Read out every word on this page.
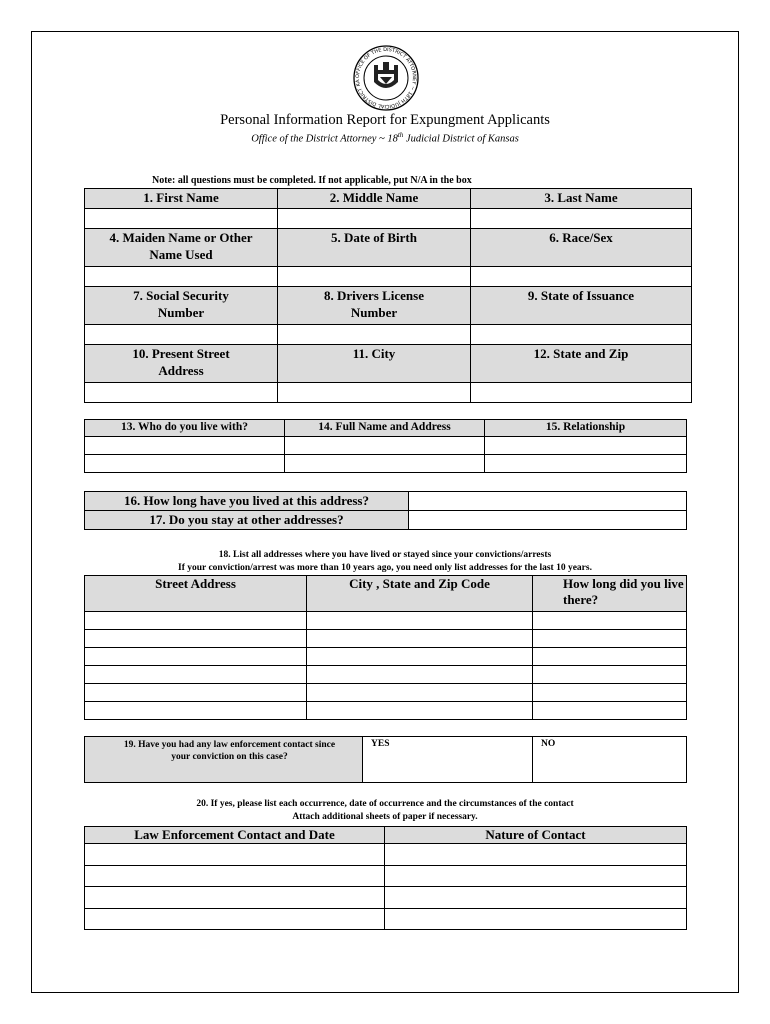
OFFICE OF THE DISTRICT ATTORNEY ~ 18TH JUDICIAL DISTRICT KA
Personal Information Report for Expungment Applicants
Office of the District Attorney ~ 18th Judicial District of Kansas
Note: all questions must be completed. If not applicable, put N/A in the box
1. First Name	2. Middle Name	3. Last Name

4. Maiden Name or Other Name Used	5. Date of Birth	6. Race/Sex

7. Social Security Number	8. Drivers License Number	9. State of Issuance

10. Present Street Address	11. City	12. State and Zip

13. Who do you live with?	14. Full Name and Address	15. Relationship

16. How long have you lived at this address?	
17. Do you stay at other addresses?	
18. List all addresses where you have lived or stayed since your convictions/arrests
If your conviction/arrest was more than 10 years ago, you need only list addresses for the last 10 years.
Street Address	City , State and Zip Code	How long did you live there?

19. Have you had any law enforcement contact since your conviction on this case?	YES	NO
20. If yes, please list each occurrence, date of occurrence and the circumstances of the contact
Attach additional sheets of paper if necessary.
Law Enforcement Contact and Date	Nature of Contact
